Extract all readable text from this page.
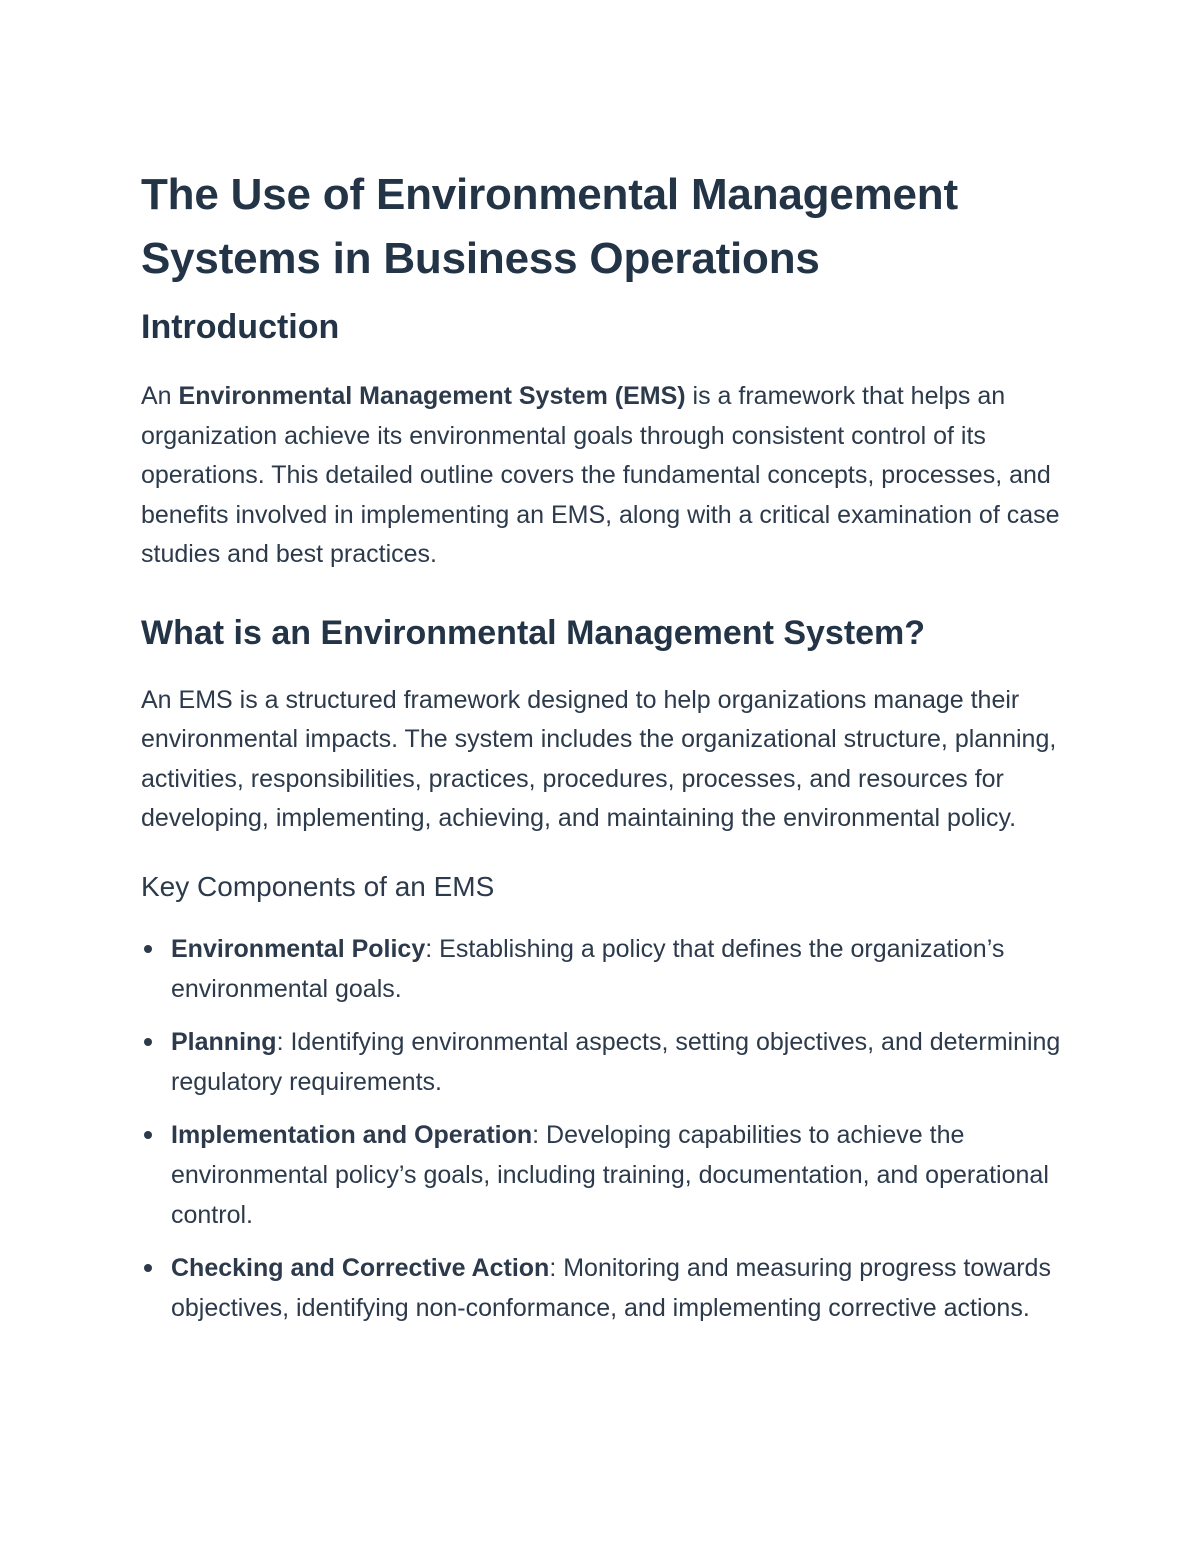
The Use of Environmental Management Systems in Business Operations
Introduction

An Environmental Management System (EMS) is a framework that helps an organization achieve its environmental goals through consistent control of its operations. This detailed outline covers the fundamental concepts, processes, and benefits involved in implementing an EMS, along with a critical examination of case studies and best practices.

What is an Environmental Management System?

An EMS is a structured framework designed to help organizations manage their environmental impacts. The system includes the organizational structure, planning, activities, responsibilities, practices, procedures, processes, and resources for developing, implementing, achieving, and maintaining the environmental policy.

Key Components of an EMS
Environmental Policy: Establishing a policy that defines the organization’s environmental goals.
Planning: Identifying environmental aspects, setting objectives, and determining regulatory requirements.
Implementation and Operation: Developing capabilities to achieve the environmental policy’s goals, including training, documentation, and operational control.
Checking and Corrective Action: Monitoring and measuring progress towards objectives, identifying non-conformance, and implementing corrective actions.
